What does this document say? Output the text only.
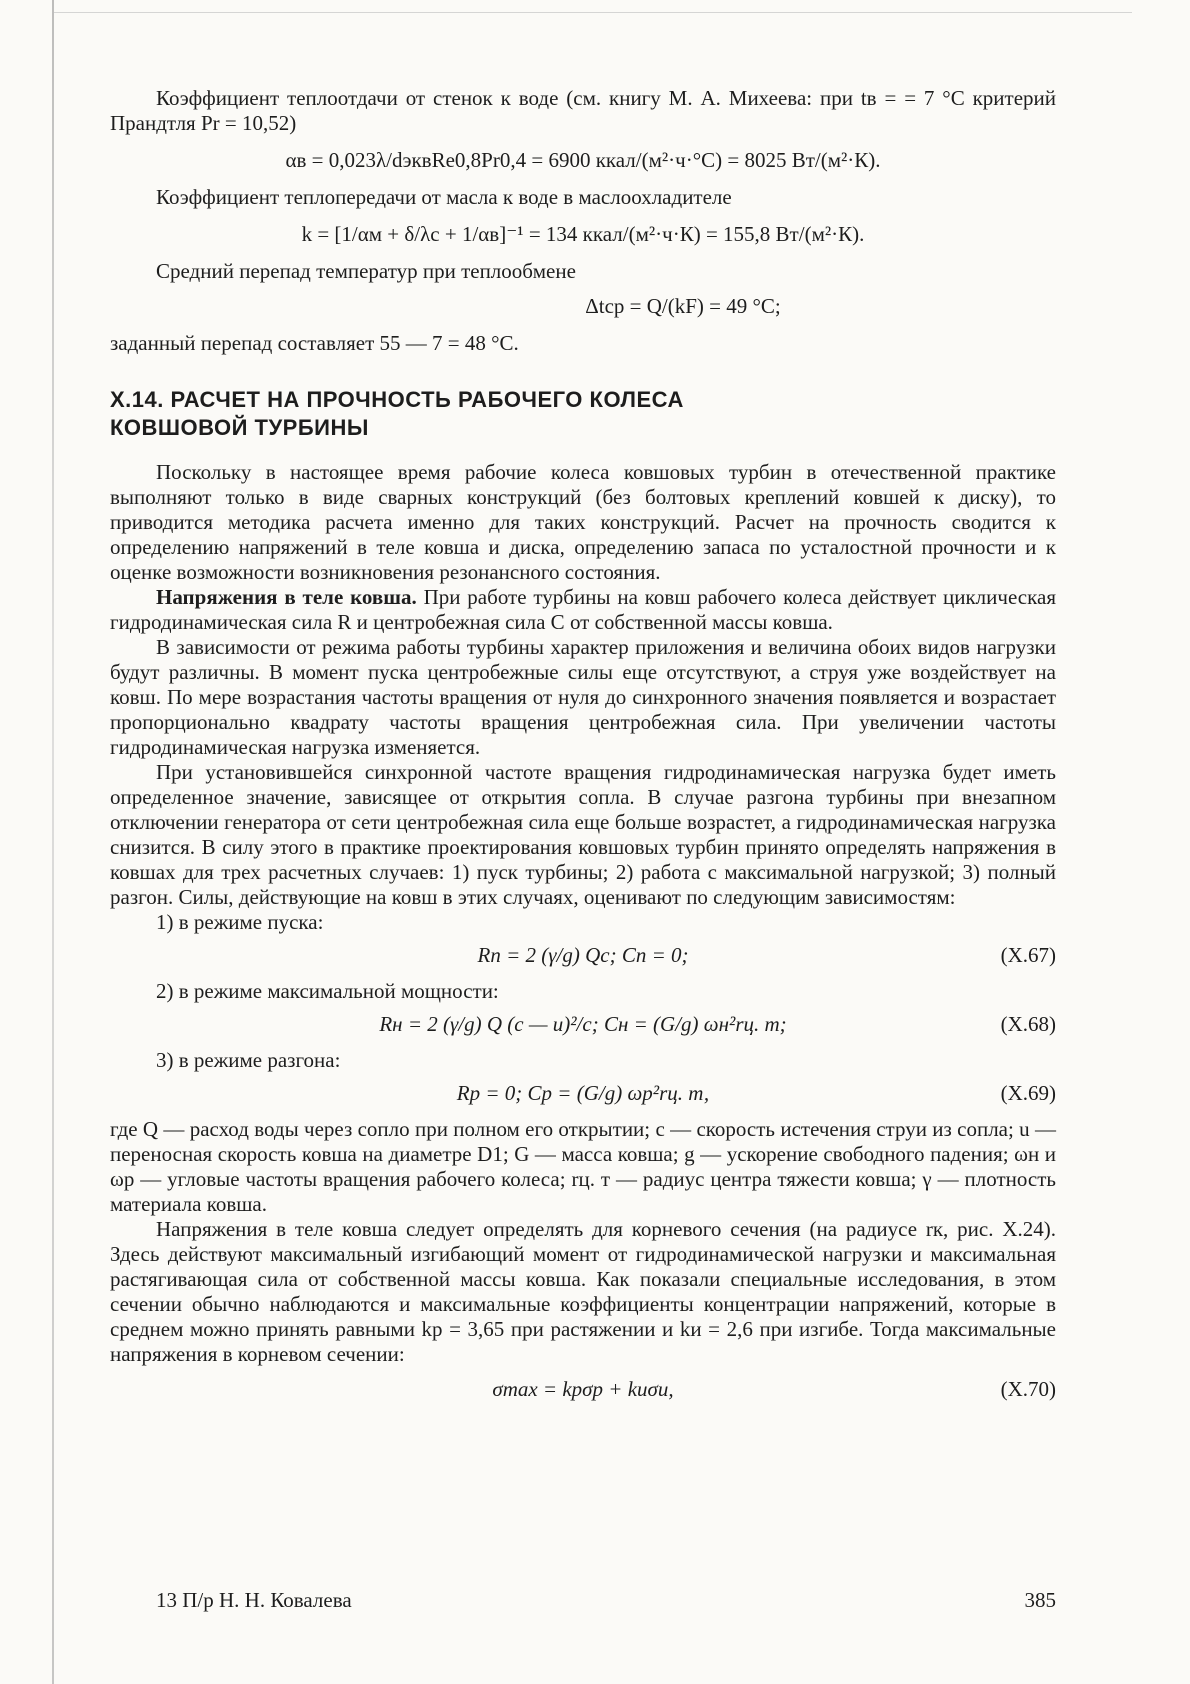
Коэффициент теплоотдачи от стенок к воде (см. книгу М. А. Михеева: при tв = = 7 °С критерий Прандтля Pr = 10,52)

αв = 0,023λ/dэквRe0,8Pr0,4 = 6900 ккал/(м²·ч·°С) = 8025 Вт/(м²·К).

Коэффициент теплопередачи от масла к воде в маслоохладителе

k = [1/αм + δ/λс + 1/αв]⁻¹ = 134 ккал/(м²·ч·К) = 155,8 Вт/(м²·К).

Средний перепад температур при теплообмене

Δtср = Q/(kF) = 49 °С;

заданный перепад составляет 55 — 7 = 48 °С.

X.14. РАСЧЕТ НА ПРОЧНОСТЬ РАБОЧЕГО КОЛЕСА
КОВШОВОЙ ТУРБИНЫ

Поскольку в настоящее время рабочие колеса ковшовых турбин в отечественной практике выполняют только в виде сварных конструкций (без болтовых креплений ковшей к диску), то приводится методика расчета именно для таких конструкций. Расчет на прочность сводится к определению напряжений в теле ковша и диска, определению запаса по усталостной прочности и к оценке возможности возникновения резонансного состояния.

Напряжения в теле ковша. При работе турбины на ковш рабочего колеса действует циклическая гидродинамическая сила R и центробежная сила C от собственной массы ковша.

В зависимости от режима работы турбины характер приложения и величина обоих видов нагрузки будут различны. В момент пуска центробежные силы еще отсутствуют, а струя уже воздействует на ковш. По мере возрастания частоты вращения от нуля до синхронного значения появляется и возрастает пропорционально квадрату частоты вращения центробежная сила. При увеличении частоты гидродинамическая нагрузка изменяется.

При установившейся синхронной частоте вращения гидродинамическая нагрузка будет иметь определенное значение, зависящее от открытия сопла. В случае разгона турбины при внезапном отключении генератора от сети центробежная сила еще больше возрастет, а гидродинамическая нагрузка снизится. В силу этого в практике проектирования ковшовых турбин принято определять напряжения в ковшах для трех расчетных случаев: 1) пуск турбины; 2) работа с максимальной нагрузкой; 3) полный разгон. Силы, действующие на ковш в этих случаях, оценивают по следующим зависимостям:

1) в режиме пуска:

Rп = 2 (γ/g) Qc; Cп = 0;	(X.67)

2) в режиме максимальной мощности:

Rн = 2 (γ/g) Q (c — u)²/c; Cн = (G/g) ωн²rц. т;	(X.68)

3) в режиме разгона:

Rр = 0; Cр = (G/g) ωр²rц. т,	(X.69)

где Q — расход воды через сопло при полном его открытии; c — скорость истечения струи из сопла; u — переносная скорость ковша на диаметре D1; G — масса ковша; g — ускорение свободного падения; ωн и ωр — угловые частоты вращения рабочего колеса; rц. т — радиус центра тяжести ковша; γ — плотность материала ковша.

Напряжения в теле ковша следует определять для корневого сечения (на радиусе rк, рис. X.24). Здесь действуют максимальный изгибающий момент от гидродинамической нагрузки и максимальная растягивающая сила от собственной массы ковша. Как показали специальные исследования, в этом сечении обычно наблюдаются и максимальные коэффициенты концентрации напряжений, которые в среднем можно принять равными kр = 3,65 при растяжении и kи = 2,6 при изгибе. Тогда максимальные напряжения в корневом сечении:

σmax = kрσр + kиσи,	(X.70)
13 П/р Н. Н. Ковалева	385
